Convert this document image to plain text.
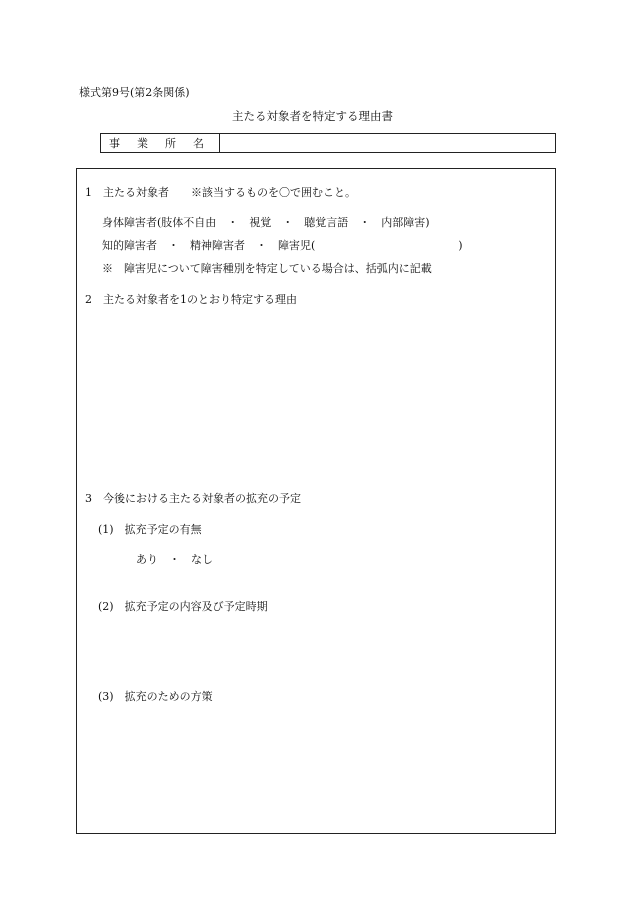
様式第9号(第2条関係)
主たる対象者を特定する理由書
事業所名
1　主たる対象者　　※該当するものを〇で囲むこと。
身体障害者(肢体不自由　・　視覚　・　聴覚言語　・　内部障害)
知的障害者　・　精神障害者　・　障害児(　　　　　　　　　　　　　)
※　障害児について障害種別を特定している場合は、括弧内に記載
2　主たる対象者を1のとおり特定する理由
3　今後における主たる対象者の拡充の予定
(1)　拡充予定の有無
あり　・　なし
(2)　拡充予定の内容及び予定時期
(3)　拡充のための方策
